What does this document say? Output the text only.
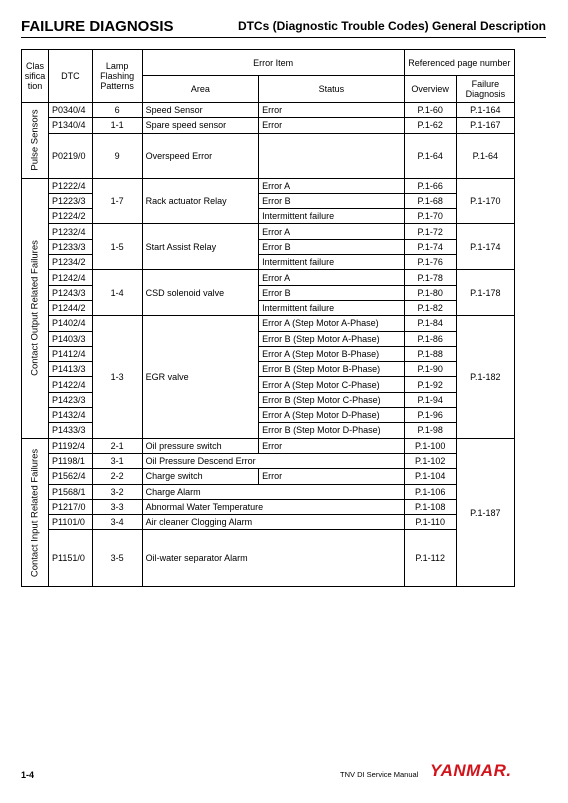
FAILURE DIAGNOSIS	DTCs (Diagnostic Trouble Codes) General Description
Clas sifica tion	DTC	Lamp Flashing Patterns	Error Item		Referenced page number	
			Area	Status	Overview	Failure Diagnosis

Pulse Sensors	P0340/4	6	Speed Sensor	Error	P.1-60	P.1-164
	P1340/4	1-1	Spare speed sensor	Error	P.1-62	P.1-167
	P0219/0	9	Overspeed Error		P.1-64	P.1-64

Contact Output Related Failures	P1222/4	1-7	Rack actuator Relay	Error A	P.1-66	P.1-170
	P1223/3			Error B	P.1-68	
	P1224/2			Intermittent failure	P.1-70	
	P1232/4	1-5	Start Assist Relay	Error A	P.1-72	P.1-174
	P1233/3			Error B	P.1-74	
	P1234/2			Intermittent failure	P.1-76	
	P1242/4	1-4	CSD solenoid valve	Error A	P.1-78	P.1-178
	P1243/3			Error B	P.1-80	
	P1244/2			Intermittent failure	P.1-82	
	P1402/4	1-3	EGR valve	Error A (Step Motor A-Phase)	P.1-84	P.1-182
	P1403/3			Error B (Step Motor A-Phase)	P.1-86	
	P1412/4			Error A (Step Motor B-Phase)	P.1-88	
	P1413/3			Error B (Step Motor B-Phase)	P.1-90	
	P1422/4			Error A (Step Motor C-Phase)	P.1-92	
	P1423/3			Error B (Step Motor C-Phase)	P.1-94	
	P1432/4			Error A (Step Motor D-Phase)	P.1-96	
	P1433/3			Error B (Step Motor D-Phase)	P.1-98	

Contact Input Related Failures	P1192/4	2-1	Oil pressure switch	Error	P.1-100	P.1-187
	P1198/1	3-1	Oil Pressure Descend Error		P.1-102	
	P1562/4	2-2	Charge switch	Error	P.1-104	
	P1568/1	3-2	Charge Alarm		P.1-106	
	P1217/0	3-3	Abnormal Water Temperature		P.1-108	
	P1101/0	3-4	Air cleaner Clogging Alarm		P.1-110	
	P1151/0	3-5	Oil-water separator Alarm		P.1-112	
1-4	TNV DI Service Manual YANMAR.
